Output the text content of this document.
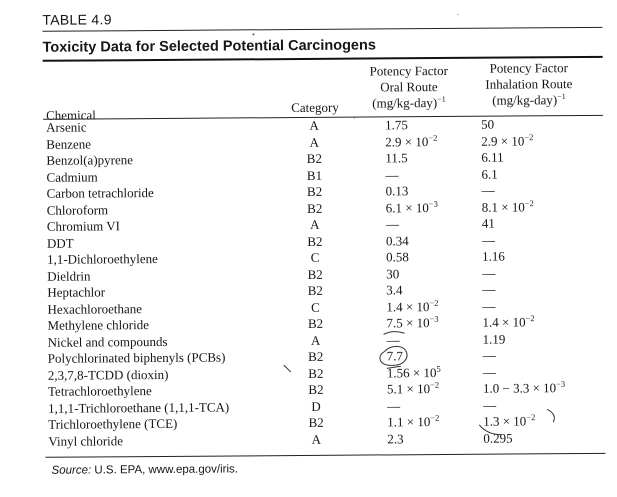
TABLE 4.9
Toxicity Data for Selected Potential Carcinogens
Chemical
Category
Potency Factor
Oral Route
$(mg/kg-day)^{-1}$
Potency Factor
Inhalation Route
$(mg/kg-day)^{-1}$
Arsenic
Benzene
Benzol(a)pyrene
Cadmium
Carbon tetrachloride
Chloroform
Chromium VI
DDT
1,1-Dichloroethylene
Dieldrin
Heptachlor
Hexachloroethane
Methylene chloride
Nickel and compounds
Polychlorinated biphenyls (PCBs)
2,3,7,8-TCDD (dioxin)
Tetrachloroethylene
1,1,1-Trichloroethane (1,1,1-TCA)
Trichloroethylene (TCE)
Vinyl chloride
A
A
B2
B1
B2
B2
A
B2
C
B2
B2
C
B2
A
B2
B2
B2
D
B2
A
1.75
$2.9 \times 10^{-2}$
11.5
—
0.13
$6.1 \times 10^{-3}$
—
0.34
0.58
30
3.4
$1.4 \times 10^{-2}$
$7.5 \times 10^{-3}$
—
7.7
$1.56 \times 10^5$
$5.1 \times 10^{-2}$
—
$1.1 \times 10^{-2}$
2.3
50
$2.9 \times 10^{-2}$
6.11
6.1
—
$8.1 \times 10^{-2}$
41
—
1.16
—
—
—
$1.4 \times 10^{-2}$
1.19
—
—
$1.0 - 3.3 \times 10^{-3}$
—
$1.3 \times 10^{-2}$
0.295
Source: U.S. EPA, www.epa.gov/iris.
